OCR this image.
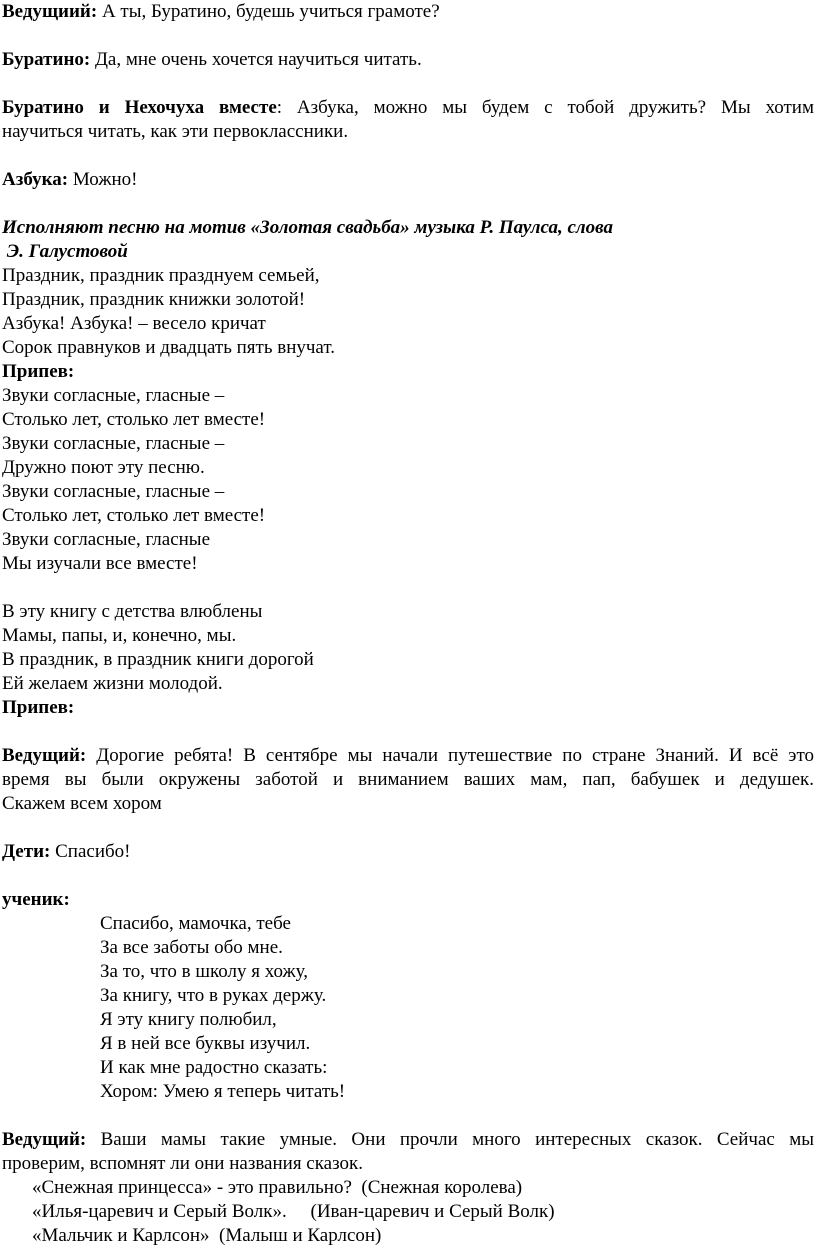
Ведущиий: А ты, Буратино, будешь учиться грамоте?
Буратино: Да, мне очень хочется научиться читать.
Буратино и Нехочуха вместе: Азбука, можно мы будем с тобой дружить? Мы хотим
научиться читать, как эти первоклассники.
Азбука: Можно!
Исполняют песню на мотив «Золотая свадьба» музыка Р. Паулса, слова
Э. Галустовой
Праздник, праздник празднуем семьей,
Праздник, праздник книжки золотой!
Азбука! Азбука! – весело кричат
Сорок правнуков и двадцать пять внучат.
Припев:
Звуки согласные, гласные –
Столько лет, столько лет вместе!
Звуки согласные, гласные –
Дружно поют эту песню.
Звуки согласные, гласные –
Столько лет, столько лет вместе!
Звуки согласные, гласные
Мы изучали все вместе!
В эту книгу с детства влюблены
Мамы, папы, и, конечно, мы.
В праздник, в праздник книги дорогой
Ей желаем жизни молодой.
Припев:
Ведущий: Дорогие ребята! В сентябре мы начали путешествие по стране Знаний. И всё это
время вы были окружены заботой и вниманием ваших мам, пап, бабушек и дедушек.
Скажем всем хором
Дети: Спасибо!
ученик:
Спасибо, мамочка, тебе
За все заботы обо мне.
За то, что в школу я хожу,
За книгу, что в руках держу.
Я эту книгу полюбил,
Я в ней все буквы изучил.
И как мне радостно сказать:
Хором: Умею я теперь читать!
Ведущий: Ваши мамы такие умные. Они прочли много интересных сказок. Сейчас мы
проверим, вспомнят ли они названия сказок.
«Снежная принцесса» - это правильно?  (Снежная королева)
«Илья-царевич и Серый Волк».     (Иван-царевич и Серый Волк)
«Мальчик и Карлсон»  (Малыш и Карлсон)
